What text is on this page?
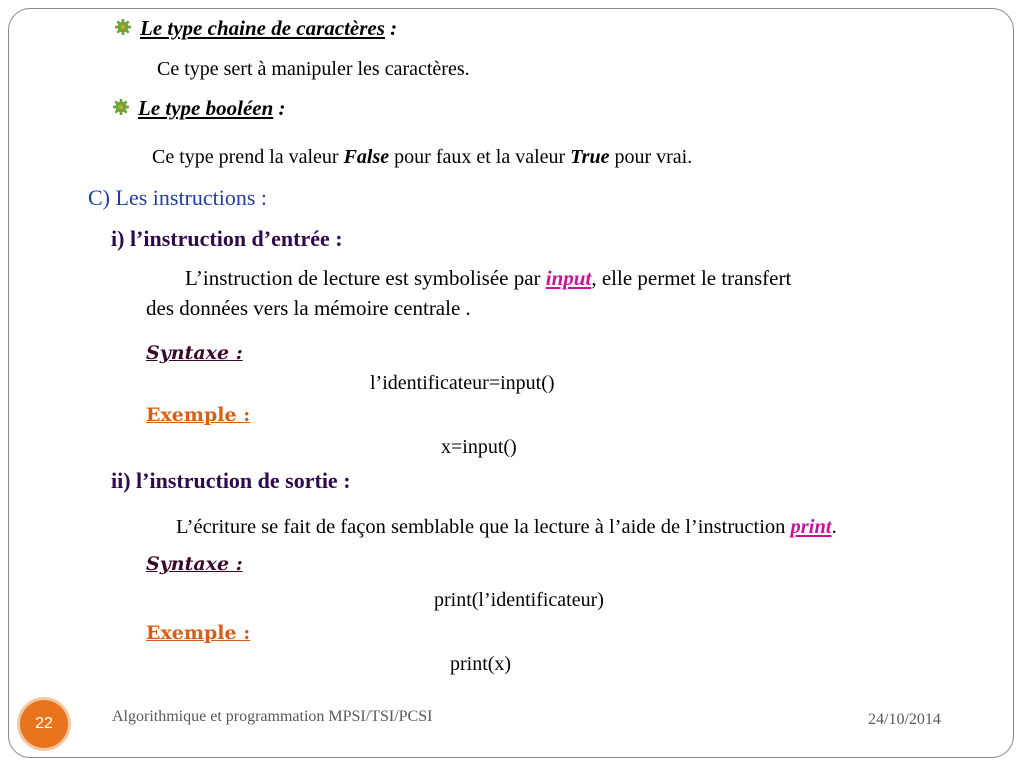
Le type chaine de caractères :
Ce type sert à manipuler les caractères.
Le type booléen :
Ce type prend la valeur False pour faux et la valeur True pour vrai.
C) Les instructions :
i) l’instruction d’entrée :
L’instruction de lecture est symbolisée par input, elle permet le transfert
des données vers la mémoire centrale .
Syntaxe :
l’identificateur=input()
Exemple :
x=input()
ii) l’instruction de sortie :
L’écriture se fait de façon semblable que la lecture à l’aide de l’instruction print.
Syntaxe :
print(l’identificateur)
Exemple :
print(x)
22	Algorithmique et programmation MPSI/TSI/PCSI	24/10/2014
